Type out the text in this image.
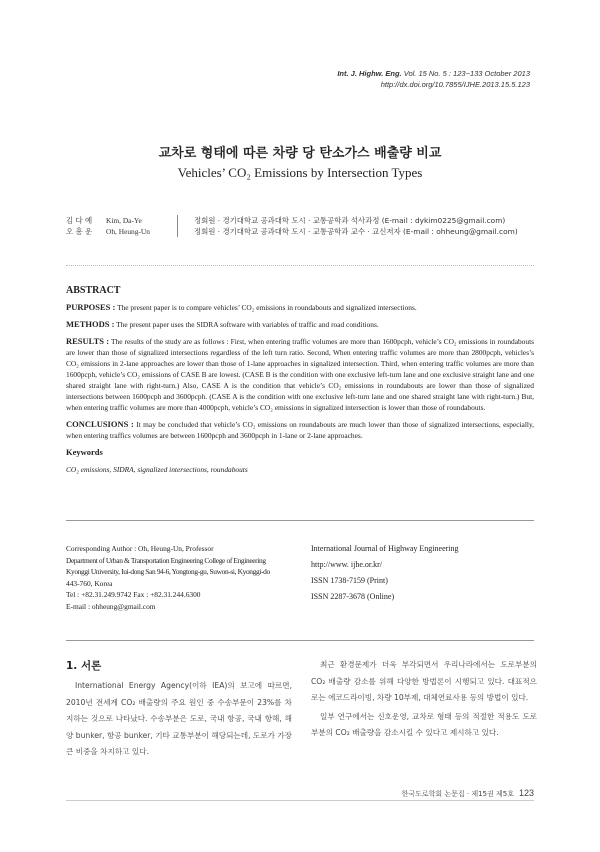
Int. J. Highw. Eng. Vol. 15 No. 5 : 123~133 October 2013
http://dx.doi.org/10.7855/IJHE.2013.15.5.123
교차로 형태에 따른 차량 당 탄소가스 배출량 비교
Vehicles’ CO₂ Emissions by Intersection Types
김 다 예 Kim, Da-Ye	정회원 · 경기대학교 공과대학 도시 · 교통공학과 석사과정 (E-mail : dykim0225@gmail.com)
오 흥 운 Oh, Heung-Un	정회원 · 경기대학교 공과대학 도시 · 교통공학과 교수 · 교신저자 (E-mail : ohheung@gmail.com)
ABSTRACT

PURPOSES : The present paper is to compare vehicles’ CO₂ emissions in roundabouts and signalized intersections.

METHODS : The present paper uses the SIDRA software with variables of traffic and road conditions.

RESULTS : The results of the study are as follows : First, when entering traffic volumes are more than 1600pcph, vehicle’s CO₂ emissions in roundabouts are lower than those of signalized intersections regardless of the left turn ratio. Second, When entering traffic volumes are more than 2800pcph, vehicles’s CO₂ emissions in 2-lane approaches are lower than those of 1-lane approaches in signalized intersection. Third, when entering traffic volumes are more than 1600pcph, vehicle’s CO₂ emissions of CASE B are lowest. (CASE B is the condition with one exclusive left-turn lane and one exclusive straight lane and one shared straight lane with right-turn.) Also, CASE A is the condition that vehicle’s CO₂ emissions in roundabouts are lower than those of signalized intersections between 1600pcph and 3600pcph. (CASE A is the condition with one exclusive left-turn lane and one shared straight lane with right-turn.) But, when entering traffic volumes are more than 4000pcph, vehicle’s CO₂ emissions in signalized intersection is lower than those of roundabouts.

CONCLUSIONS : It may be concluded that vehicle’s CO₂ emissions on roundabouts are much lower than those of signalized intersections, especially, when entering traffics volumes are between 1600pcph and 3600pcph in 1-lane or 2-lane approaches.

Keywords

CO₂ emissions, SIDRA, signalized intersections, roundabouts

Corresponding Author : Oh, Heung-Un, Professor
Department of Urban & Transportation Engineering College of Engineering
Kyonggi University, Iui-dong San 94-6, Yongtong-gu, Suwon-si, Kyonggi-do
443-760, Korea
Tel : +82.31.249.9742 Fax : +82.31.244.6300
E-mail : ohheung@gmail.com
International Journal of Highway Engineering
http://www. ijhe.or.kr/
ISSN 1738-7159 (Print)
ISSN 2287-3678 (Online)
1. 서론

International Energy Agency(이하 IEA)의 보고에 따르면, 2010년 전세계 CO₂ 배출량의 주요 원인 중 수송부문이 23%를 차지하는 것으로 나타났다. 수송부분은 도로, 국내 항공, 국내 항해, 해양 bunker, 항공 bunker, 기타 교통부분이 해당되는데, 도로가 가장 큰 비중을 차지하고 있다.

최근 환경문제가 더욱 부각되면서 우리나라에서는 도로부분의 CO₂ 배출량 감소를 위해 다양한 방법론이 시행되고 있다. 대표적으로는 에코드라이빙, 차량 10부제, 대체연료사용 등의 방법이 있다.

일부 연구에서는 신호운영, 교차로 형태 등의 적절한 적용도 도로부분의 CO₂ 배출량을 감소시킬 수 있다고 제시하고 있다.

한국도로학회 논문집 · 제15권 제5호 123
